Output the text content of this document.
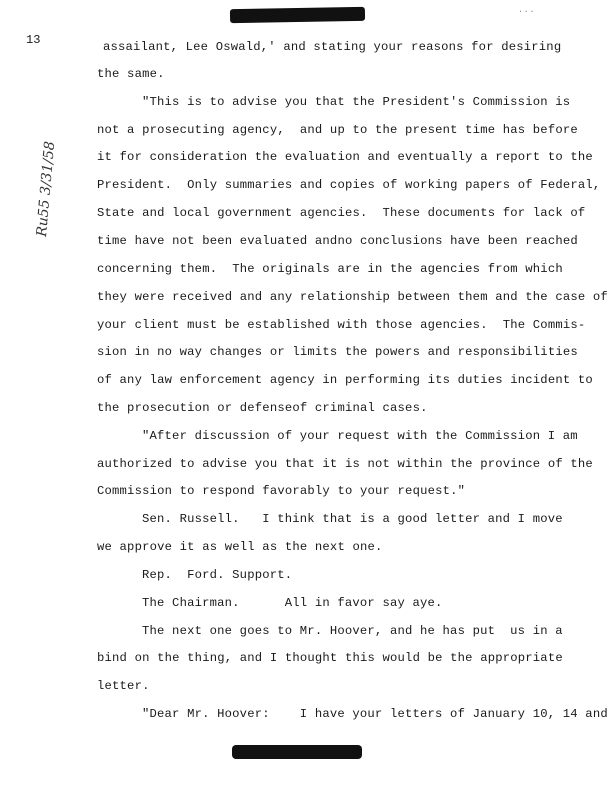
...
13
Ru55 3/31/58
assailant, Lee Oswald,' and stating your reasons for desiring
the same.
"This is to advise you that the President's Commission is
not a prosecuting agency,  and up to the present time has before
it for consideration the evaluation and eventually a report to the
President.  Only summaries and copies of working papers of Federal,
State and local government agencies.  These documents for lack of
time have not been evaluated andno conclusions have been reached
concerning them.  The originals are in the agencies from which
they were received and any relationship between them and the case of
your client must be established with those agencies.  The Commis-
sion in no way changes or limits the powers and responsibilities
of any law enforcement agency in performing its duties incident to
the prosecution or defenseof criminal cases.
"After discussion of your request with the Commission I am
authorized to advise you that it is not within the province of the
Commission to respond favorably to your request."
Sen. Russell.   I think that is a good letter and I move
we approve it as well as the next one.
Rep.  Ford. Support.
The Chairman.      All in favor say aye.
The next one goes to Mr. Hoover, and he has put  us in a
bind on the thing, and I thought this would be the appropriate
letter.
"Dear Mr. Hoover:    I have your letters of January 10, 14 and
